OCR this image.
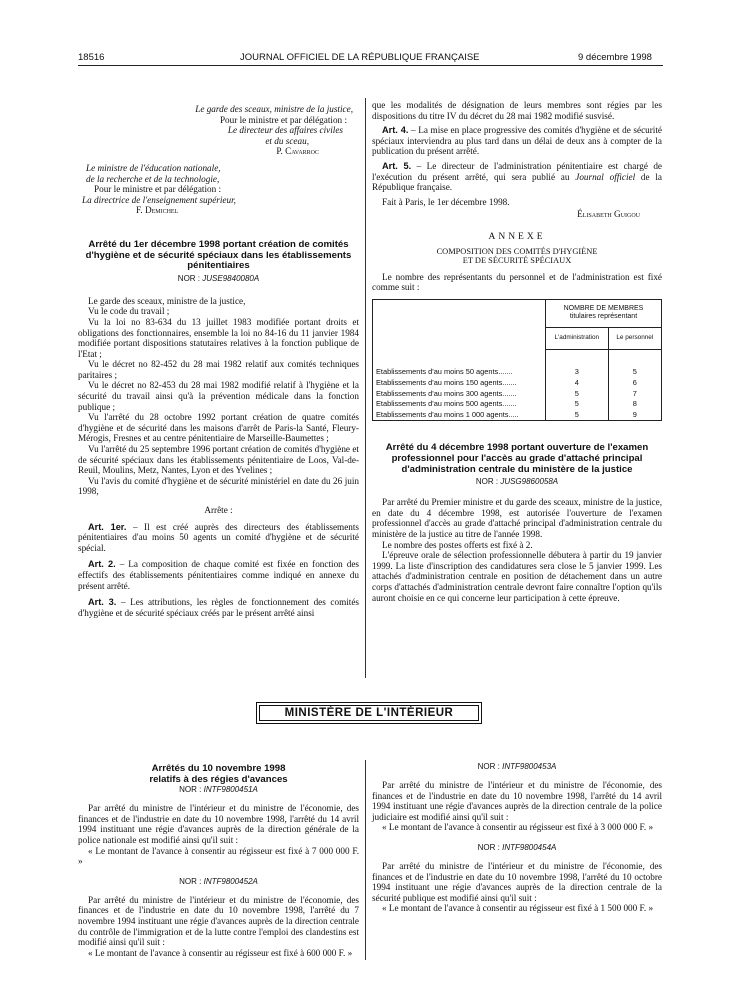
18516	JOURNAL OFFICIEL DE LA RÉPUBLIQUE FRANÇAISE	9 décembre 1998
Le garde des sceaux, ministre de la justice,
Pour le ministre et par délégation :
Le directeur des affaires civiles
et du sceau,
P. Cavarroc
Le ministre de l'éducation nationale,
de la recherche et de la technologie,
Pour le ministre et par délégation :
La directrice de l'enseignement supérieur,
F. Demichel
Arrêté du 1er décembre 1998 portant création de comités d'hygiène et de sécurité spéciaux dans les établissements pénitentiaires
NOR : JUSE9840080A

Le garde des sceaux, ministre de la justice,

Vu le code du travail ;

Vu la loi no 83-634 du 13 juillet 1983 modifiée portant droits et obligations des fonctionnaires, ensemble la loi no 84-16 du 11 janvier 1984 modifiée portant dispositions statutaires relatives à la fonction publique de l'Etat ;

Vu le décret no 82-452 du 28 mai 1982 relatif aux comités techniques paritaires ;

Vu le décret no 82-453 du 28 mai 1982 modifié relatif à l'hygiène et la sécurité du travail ainsi qu'à la prévention médicale dans la fonction publique ;

Vu l'arrêté du 28 octobre 1992 portant création de quatre comités d'hygiène et de sécurité dans les maisons d'arrêt de Paris-la Santé, Fleury-Mérogis, Fresnes et au centre pénitentiaire de Marseille-Baumettes ;

Vu l'arrêté du 25 septembre 1996 portant création de comités d'hygiène et de sécurité spéciaux dans les établissements pénitentiaire de Loos, Val-de-Reuil, Moulins, Metz, Nantes, Lyon et des Yvelines ;

Vu l'avis du comité d'hygiène et de sécurité ministériel en date du 26 juin 1998,

Arrête :

Art. 1er. – Il est créé auprès des directeurs des établissements pénitentiaires d'au moins 50 agents un comité d'hygiène et de sécurité spécial.

Art. 2. – La composition de chaque comité est fixée en fonction des effectifs des établissements pénitentiaires comme indiqué en annexe du présent arrêté.

Art. 3. – Les attributions, les règles de fonctionnement des comités d'hygiène et de sécurité spéciaux créés par le présent arrêté ainsi

que les modalités de désignation de leurs membres sont régies par les dispositions du titre IV du décret du 28 mai 1982 modifié susvisé.

Art. 4. – La mise en place progressive des comités d'hygiène et de sécurité spéciaux interviendra au plus tard dans un délai de deux ans à compter de la publication du présent arrêté.

Art. 5. – Le directeur de l'administration pénitentiaire est chargé de l'exécution du présent arrêté, qui sera publié au Journal officiel de la République française.

Fait à Paris, le 1er décembre 1998.

Élisabeth Guigou

ANNEXE
COMPOSITION DES COMITÉS D'HYGIÈNE
ET DE SÉCURITÉ SPÉCIAUX

Le nombre des représentants du personnel et de l'administration est fixé comme suit :

	NOMBRE DE MEMBRES
titulaires représentant	

	L'administration	Le personnel

Etablissements d'au moins 50 agents.......	3	5
Etablissements d'au moins 150 agents.......	4	6
Etablissements d'au moins 300 agents.......	5	7
Etablissements d'au moins 500 agents.......	5	8
Etablissements d'au moins 1 000 agents.....	5	9
Arrêté du 4 décembre 1998 portant ouverture de l'examen professionnel pour l'accès au grade d'attaché principal d'administration centrale du ministère de la justice
NOR : JUSG9860058A

Par arrêté du Premier ministre et du garde des sceaux, ministre de la justice, en date du 4 décembre 1998, est autorisée l'ouverture de l'examen professionnel d'accès au grade d'attaché principal d'administration centrale du ministère de la justice au titre de l'année 1998.

Le nombre des postes offerts est fixé à 2.

L'épreuve orale de sélection professionnelle débutera à partir du 19 janvier 1999. La liste d'inscription des candidatures sera close le 5 janvier 1999. Les attachés d'administration centrale en position de détachement dans un autre corps d'attachés d'administration centrale devront faire connaître l'option qu'ils auront choisie en ce qui concerne leur participation à cette épreuve.

MINISTÈRE DE L'INTÉRIEUR
Arrêtés du 10 novembre 1998
relatifs à des régies d'avances
NOR : INTF9800451A

Par arrêté du ministre de l'intérieur et du ministre de l'économie, des finances et de l'industrie en date du 10 novembre 1998, l'arrêté du 14 avril 1994 instituant une régie d'avances auprès de la direction générale de la police nationale est modifié ainsi qu'il suit :

« Le montant de l'avance à consentir au régisseur est fixé à 7 000 000 F. »

NOR : INTF9800452A

Par arrêté du ministre de l'intérieur et du ministre de l'économie, des finances et de l'industrie en date du 10 novembre 1998, l'arrêté du 7 novembre 1994 instituant une régie d'avances auprès de la direction centrale du contrôle de l'immigration et de la lutte contre l'emploi des clandestins est modifié ainsi qu'il suit :

« Le montant de l'avance à consentir au régisseur est fixé à 600 000 F. »

NOR : INTF9800453A

Par arrêté du ministre de l'intérieur et du ministre de l'économie, des finances et de l'industrie en date du 10 novembre 1998, l'arrêté du 14 avril 1994 instituant une régie d'avances auprès de la direction centrale de la police judiciaire est modifié ainsi qu'il suit :

« Le montant de l'avance à consentir au régisseur est fixé à 3 000 000 F. »

NOR : INTF9800454A

Par arrêté du ministre de l'intérieur et du ministre de l'économie, des finances et de l'industrie en date du 10 novembre 1998, l'arrêté du 10 octobre 1994 instituant une régie d'avances auprès de la direction centrale de la sécurité publique est modifié ainsi qu'il suit :

« Le montant de l'avance à consentir au régisseur est fixé à 1 500 000 F. »
